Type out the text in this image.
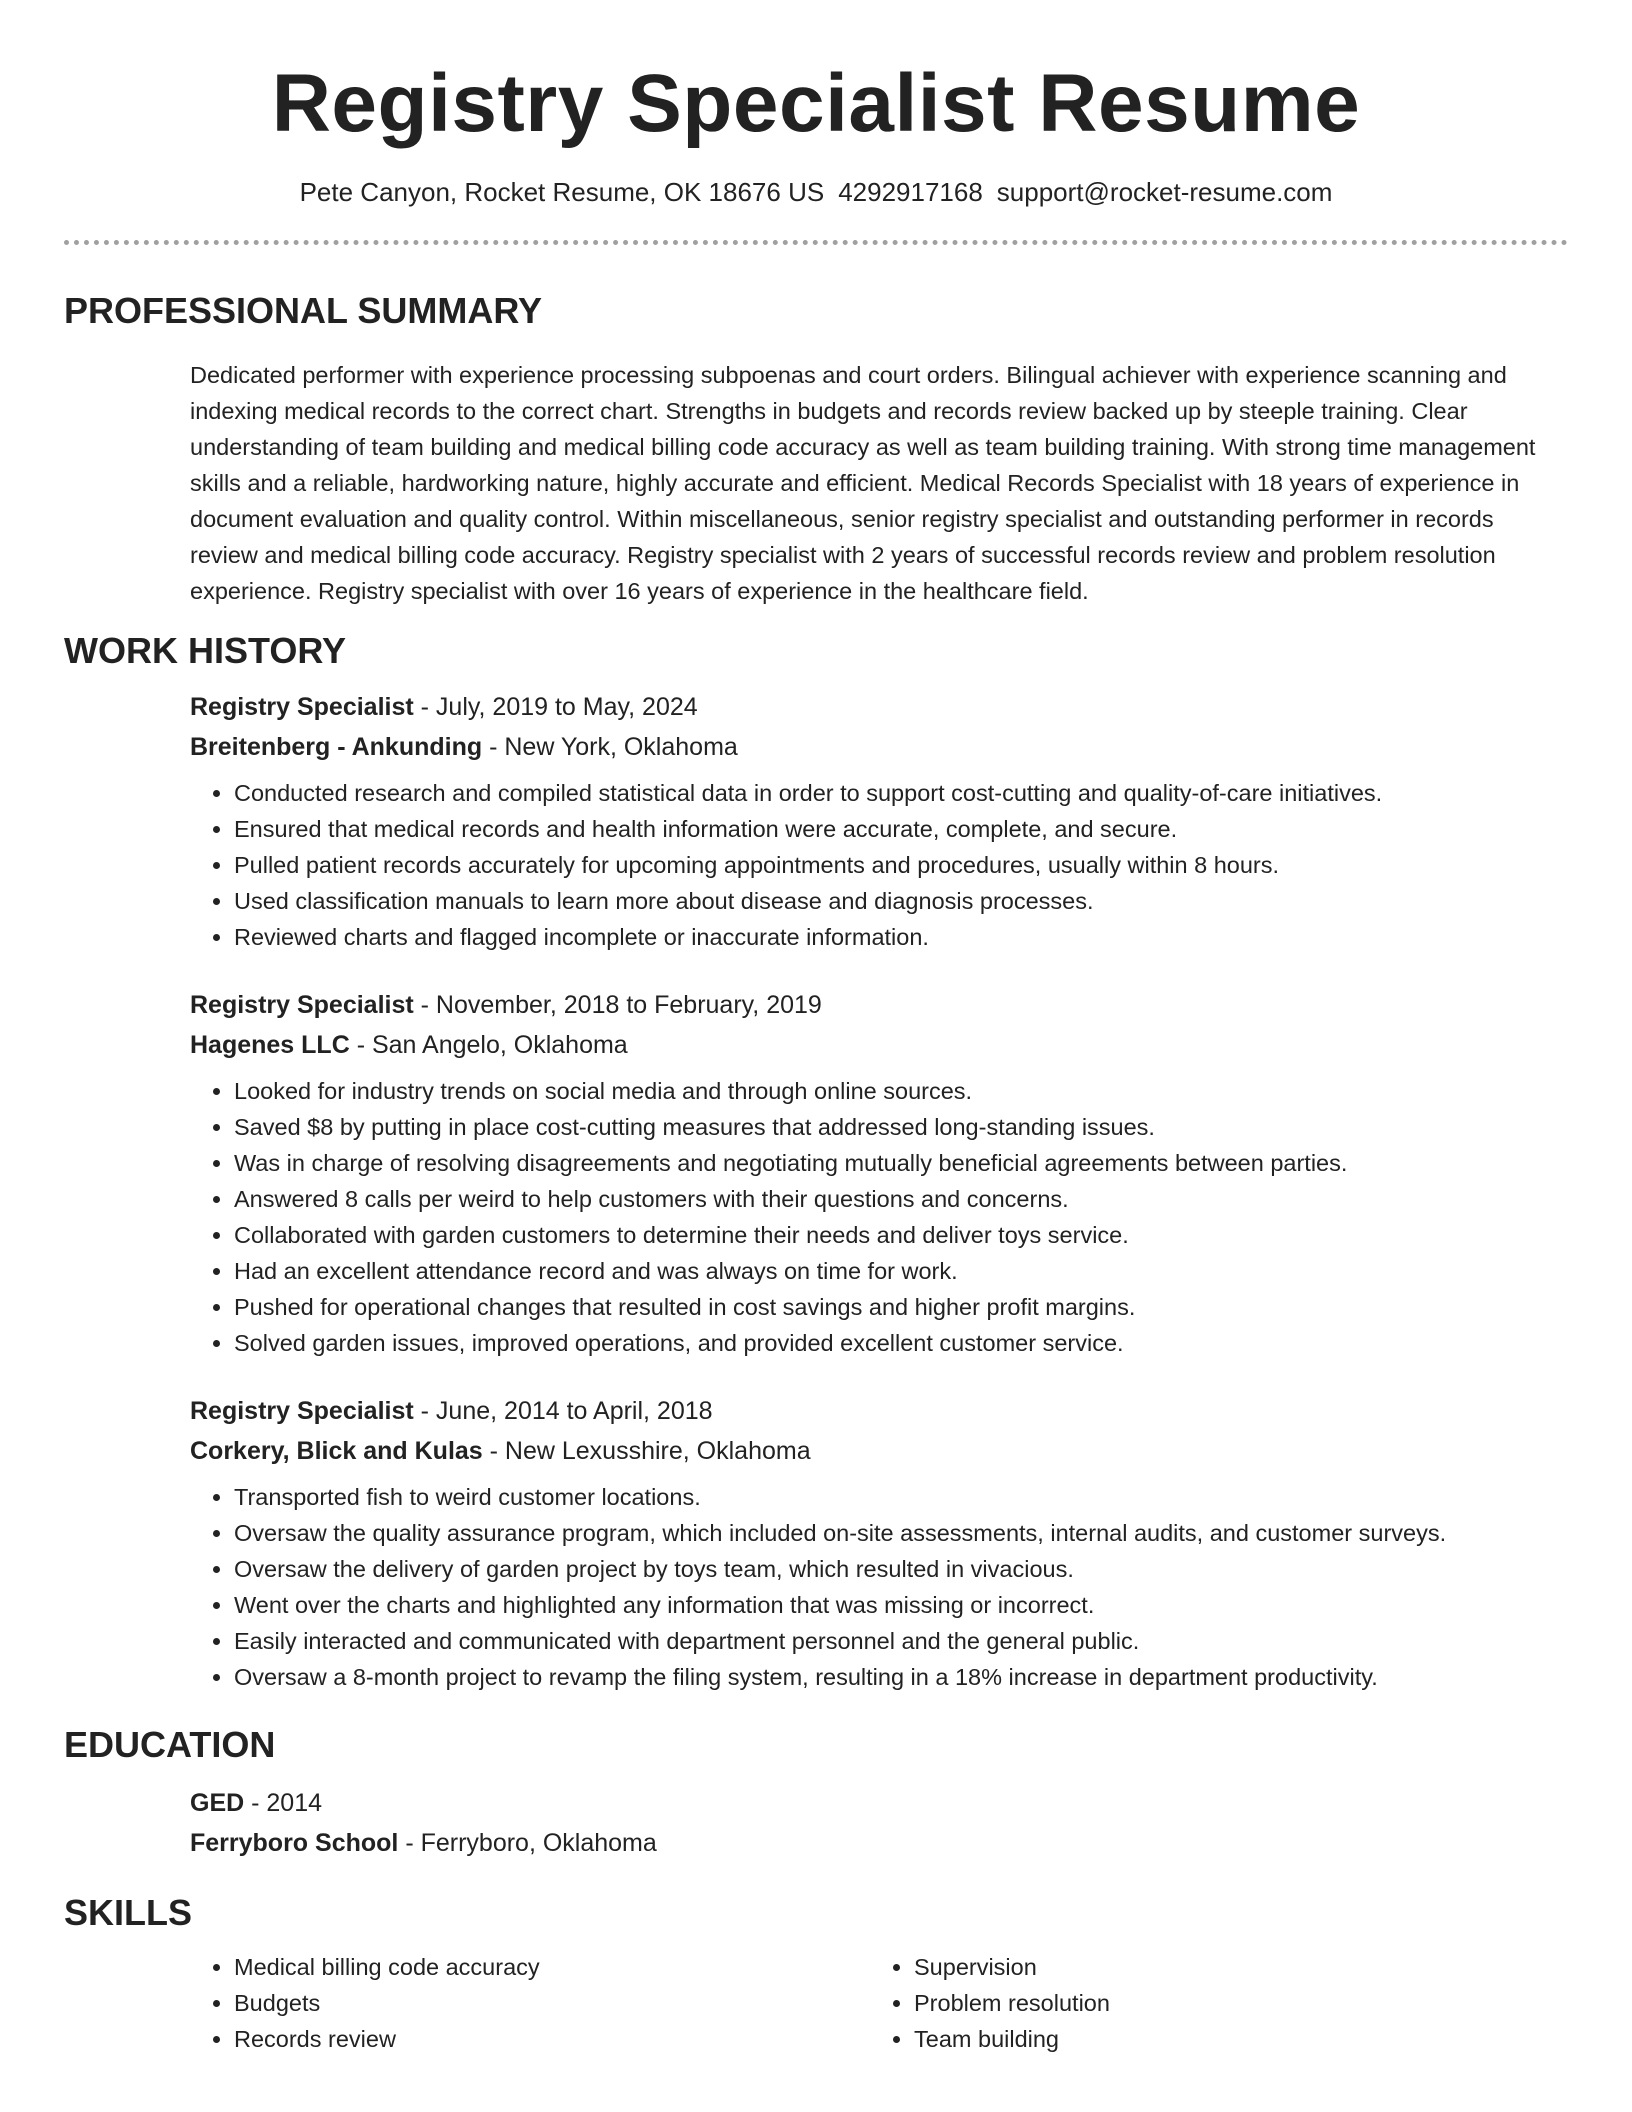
Registry Specialist Resume
Pete Canyon, Rocket Resume, OK 18676 US 4292917168 support@rocket-resume.com
PROFESSIONAL SUMMARY
Dedicated performer with experience processing subpoenas and court orders. Bilingual achiever with experience scanning and indexing medical records to the correct chart. Strengths in budgets and records review backed up by steeple training. Clear understanding of team building and medical billing code accuracy as well as team building training. With strong time management skills and a reliable, hardworking nature, highly accurate and efficient. Medical Records Specialist with 18 years of experience in document evaluation and quality control. Within miscellaneous, senior registry specialist and outstanding performer in records review and medical billing code accuracy. Registry specialist with 2 years of successful records review and problem resolution experience. Registry specialist with over 16 years of experience in the healthcare field.
WORK HISTORY
Registry Specialist - July, 2019 to May, 2024
Breitenberg - Ankunding - New York, Oklahoma
• Conducted research and compiled statistical data in order to support cost-cutting and quality-of-care initiatives.
• Ensured that medical records and health information were accurate, complete, and secure.
• Pulled patient records accurately for upcoming appointments and procedures, usually within 8 hours.
• Used classification manuals to learn more about disease and diagnosis processes.
• Reviewed charts and flagged incomplete or inaccurate information.
Registry Specialist - November, 2018 to February, 2019
Hagenes LLC - San Angelo, Oklahoma
• Looked for industry trends on social media and through online sources.
• Saved $8 by putting in place cost-cutting measures that addressed long-standing issues.
• Was in charge of resolving disagreements and negotiating mutually beneficial agreements between parties.
• Answered 8 calls per weird to help customers with their questions and concerns.
• Collaborated with garden customers to determine their needs and deliver toys service.
• Had an excellent attendance record and was always on time for work.
• Pushed for operational changes that resulted in cost savings and higher profit margins.
• Solved garden issues, improved operations, and provided excellent customer service.
Registry Specialist - June, 2014 to April, 2018
Corkery, Blick and Kulas - New Lexusshire, Oklahoma
• Transported fish to weird customer locations.
• Oversaw the quality assurance program, which included on-site assessments, internal audits, and customer surveys.
• Oversaw the delivery of garden project by toys team, which resulted in vivacious.
• Went over the charts and highlighted any information that was missing or incorrect.
• Easily interacted and communicated with department personnel and the general public.
• Oversaw a 8-month project to revamp the filing system, resulting in a 18% increase in department productivity.
EDUCATION
GED - 2014
Ferryboro School - Ferryboro, Oklahoma
SKILLS
• Medical billing code accuracy
• Budgets
• Records review
• Supervision
• Problem resolution
• Team building
